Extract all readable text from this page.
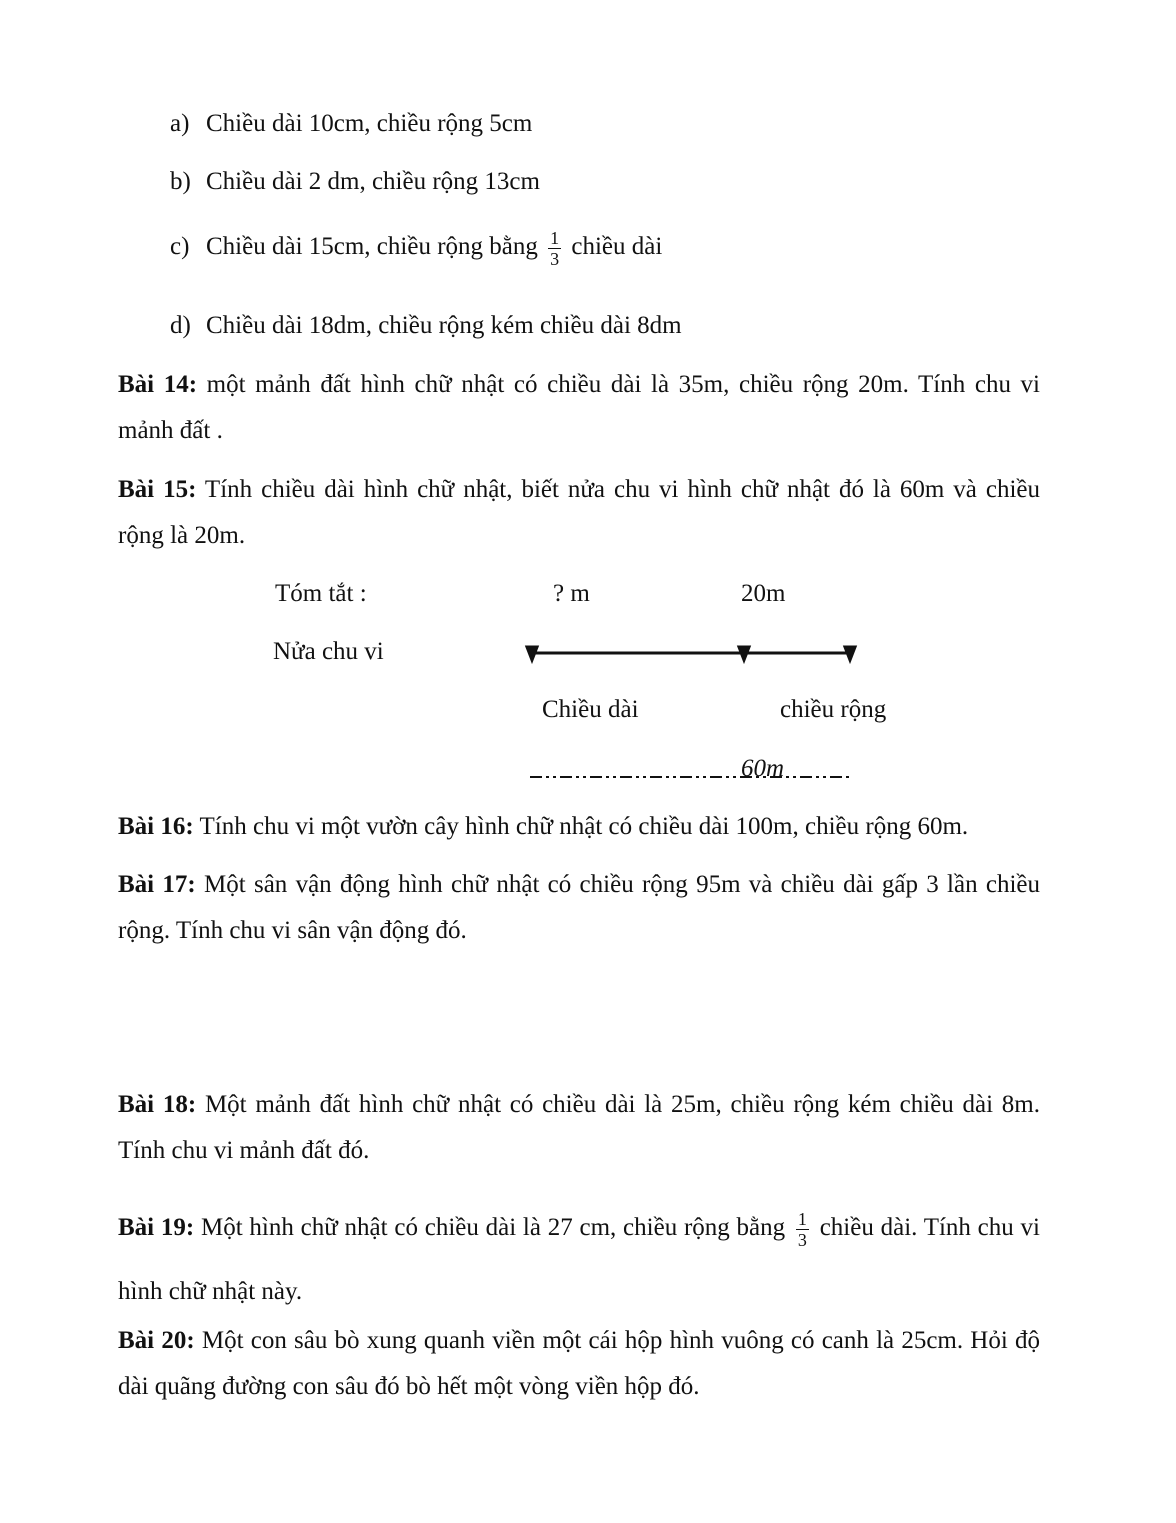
a) Chiều dài 10cm, chiều rộng 5cm
b) Chiều dài 2 dm, chiều rộng 13cm
c) Chiều dài 15cm, chiều rộng bằng $\frac{1}{3}$ chiều dài
d) Chiều dài 18dm, chiều rộng kém chiều dài 8dm
Bài 14: một mảnh đất hình chữ nhật có chiều dài là 35m, chiều rộng 20m. Tính chu vi mảnh đất .
Bài 15: Tính chiều dài hình chữ nhật, biết nửa chu vi hình chữ nhật đó là 60m và chiều rộng là 20m.
Tóm tắt :	? m	20m
Nửa chu vi
Chiều dài	chiều rộng
60m
Bài 16: Tính chu vi một vườn cây hình chữ nhật có chiều dài 100m, chiều rộng 60m.
Bài 17: Một sân vận động hình chữ nhật có chiều rộng 95m và chiều dài gấp 3 lần chiều rộng. Tính chu vi sân vận động đó.
Bài 18: Một mảnh đất hình chữ nhật có chiều dài là 25m, chiều rộng kém chiều dài 8m. Tính chu vi mảnh đất đó.
Bài 19: Một hình chữ nhật có chiều dài là 27 cm, chiều rộng bằng $\frac{1}{3}$ chiều dài. Tính chu vi hình chữ nhật này.
Bài 20: Một con sâu bò xung quanh viền một cái hộp hình vuông có canh là 25cm. Hỏi độ dài quãng đường con sâu đó bò hết một vòng viền hộp đó.
